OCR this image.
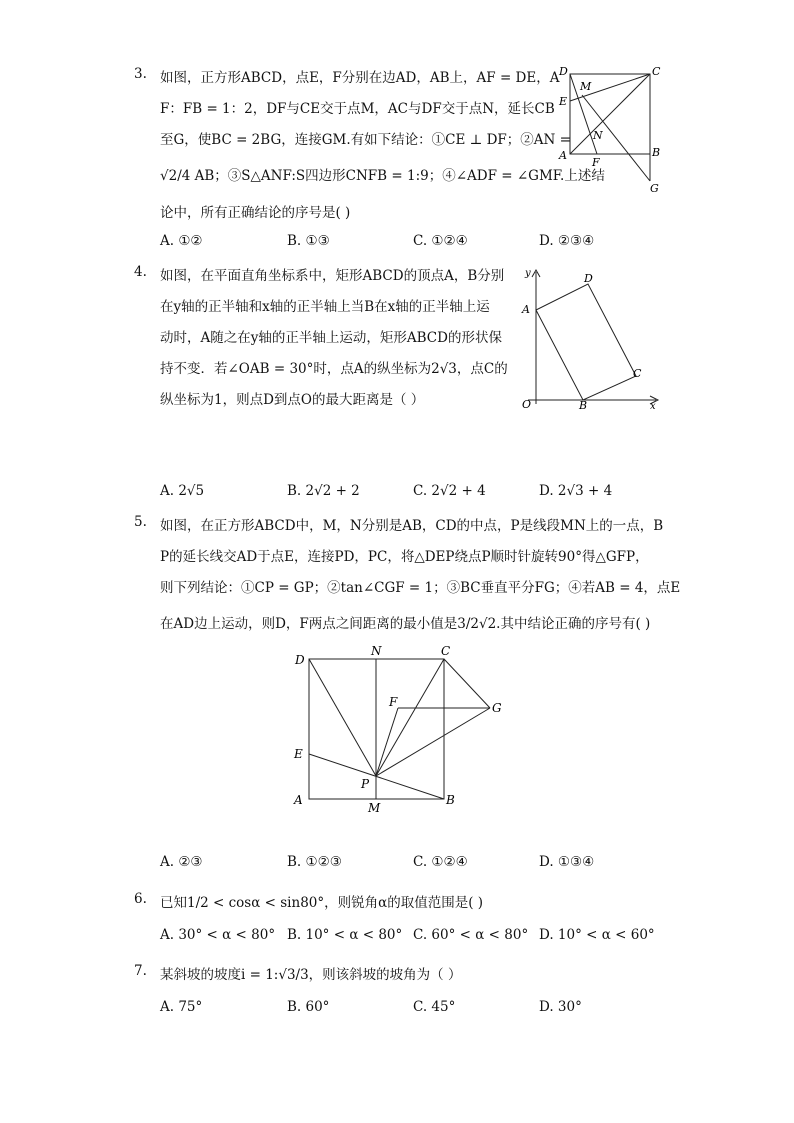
3. 如图，正方形ABCD，点E，F分别在边AD，AB上，AF = DE，A
F：FB = 1：2，DF与CE交于点M，AC与DF交于点N，延长CB
至G，使BC = 2BG，连接GM.有如下结论：①CE ⊥ DF；②AN =
√2/4 AB；③S△ANF:S四边形CNFB = 1:9；④∠ADF = ∠GMF.上述结
论中，所有正确结论的序号是( )
A. ①②	B. ①③	C. ①②④	D. ②③④
D
M
C
E
N
A
F
B
G
4. 如图，在平面直角坐标系中，矩形ABCD的顶点A，B分别
在y轴的正半轴和x轴的正半轴上当B在x轴的正半轴上运
动时，A随之在y轴的正半轴上运动，矩形ABCD的形状保
持不变．若∠OAB = 30°时，点A的纵坐标为2√3，点C的
纵坐标为1，则点D到点O的最大距离是（ ）
A. 2√5	B. 2√2 + 2	C. 2√2 + 4	D. 2√3 + 4
y	D
A
C
O	B	x
5. 如图，在正方形ABCD中，M，N分别是AB，CD的中点，P是线段MN上的一点，B
P的延长线交AD于点E，连接PD，PC，将△DEP绕点P顺时针旋转90°得△GFP，
则下列结论：①CP = GP；②tan∠CGF = 1；③BC垂直平分FG；④若AB = 4，点E
在AD边上运动，则D，F两点之间距离的最小值是3/2√2.其中结论正确的序号有( )
A. ②③	B. ①②③	C. ①②④	D. ①③④
D
N	C
F	G
E
P
A
M
B
6. 已知1/2 < cosα < sin80°，则锐角α的取值范围是( )
A. 30° < α < 80° B. 10° < α < 80° C. 60° < α < 80° D. 10° < α < 60°
7. 某斜坡的坡度i = 1:√3/3，则该斜坡的坡角为（ ）
A. 75°	B. 60°	C. 45°	D. 30°
